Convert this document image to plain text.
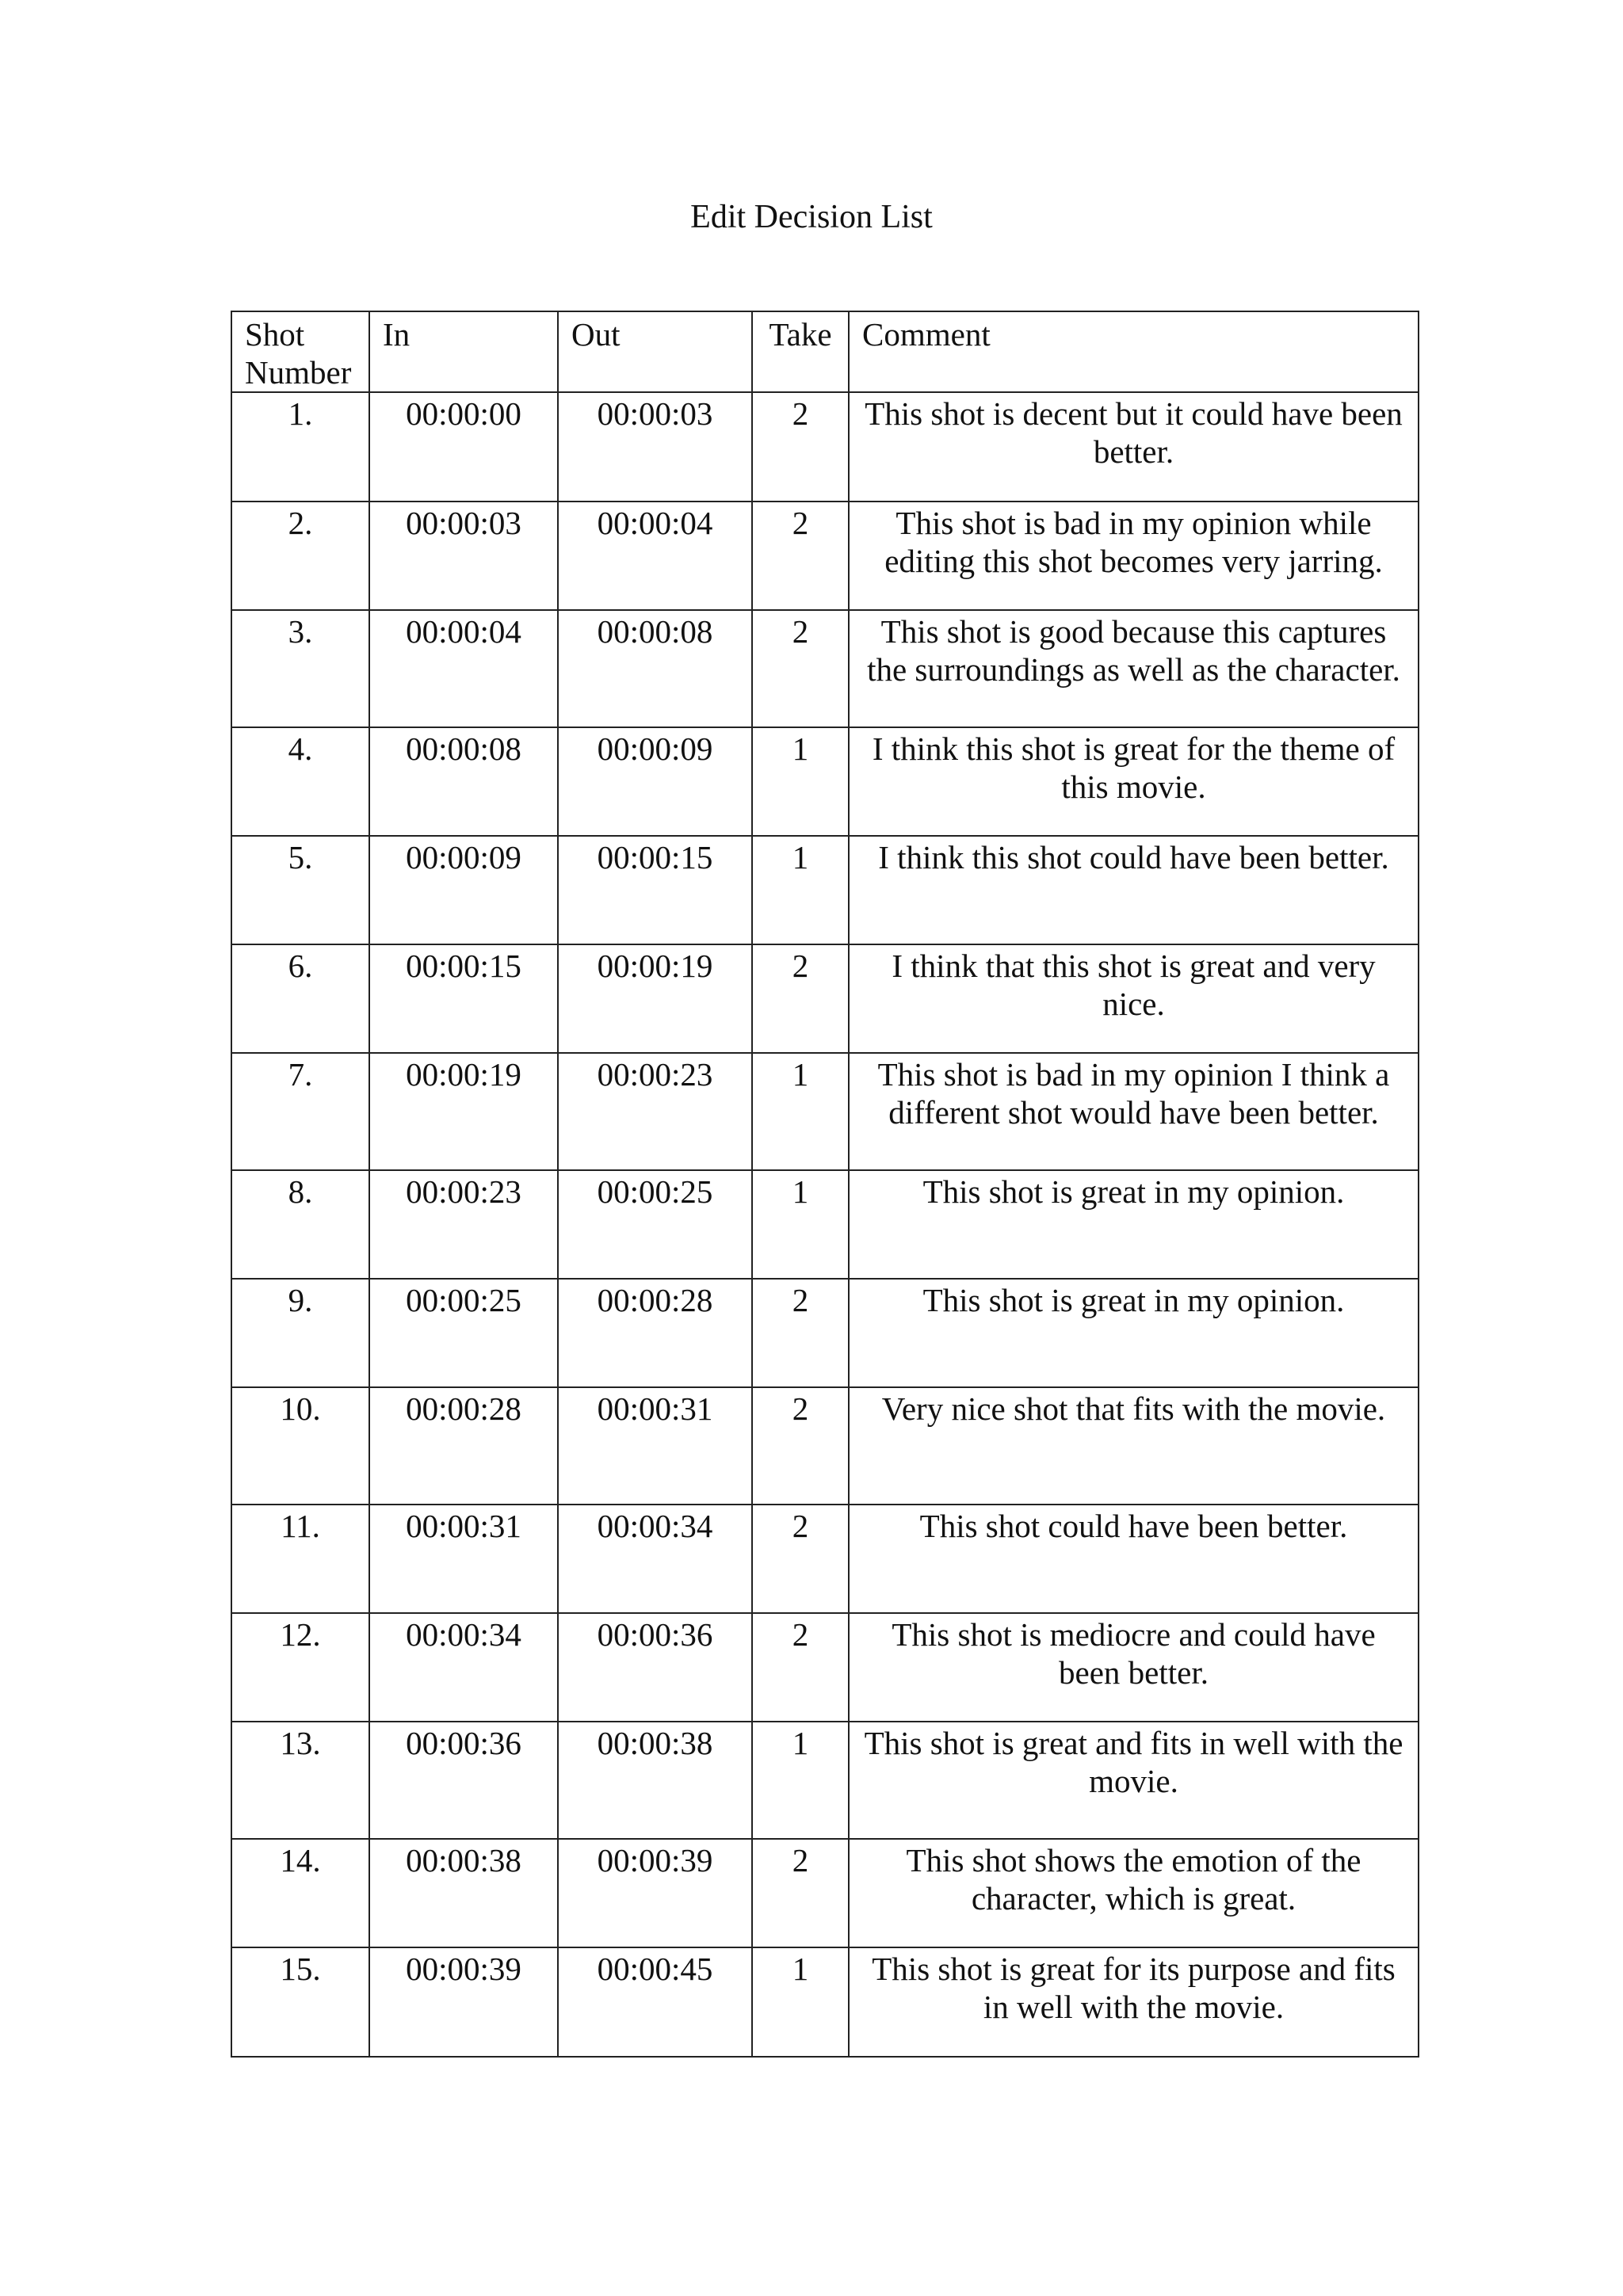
Edit Decision List
Shot
Number	In	Out	Take	Comment
1.	00:00:00	00:00:03	2	This shot is decent but it could have been better.
2.	00:00:03	00:00:04	2	This shot is bad in my opinion while editing this shot becomes very jarring.
3.	00:00:04	00:00:08	2	This shot is good because this captures the surroundings as well as the character.
4.	00:00:08	00:00:09	1	I think this shot is great for the theme of this movie.
5.	00:00:09	00:00:15	1	I think this shot could have been better.
6.	00:00:15	00:00:19	2	I think that this shot is great and very nice.
7.	00:00:19	00:00:23	1	This shot is bad in my opinion I think a different shot would have been better.
8.	00:00:23	00:00:25	1	This shot is great in my opinion.
9.	00:00:25	00:00:28	2	This shot is great in my opinion.
10.	00:00:28	00:00:31	2	Very nice shot that fits with the movie.
11.	00:00:31	00:00:34	2	This shot could have been better.
12.	00:00:34	00:00:36	2	This shot is mediocre and could have been better.
13.	00:00:36	00:00:38	1	This shot is great and fits in well with the movie.
14.	00:00:38	00:00:39	2	This shot shows the emotion of the character, which is great.
15.	00:00:39	00:00:45	1	This shot is great for its purpose and fits in well with the movie.
